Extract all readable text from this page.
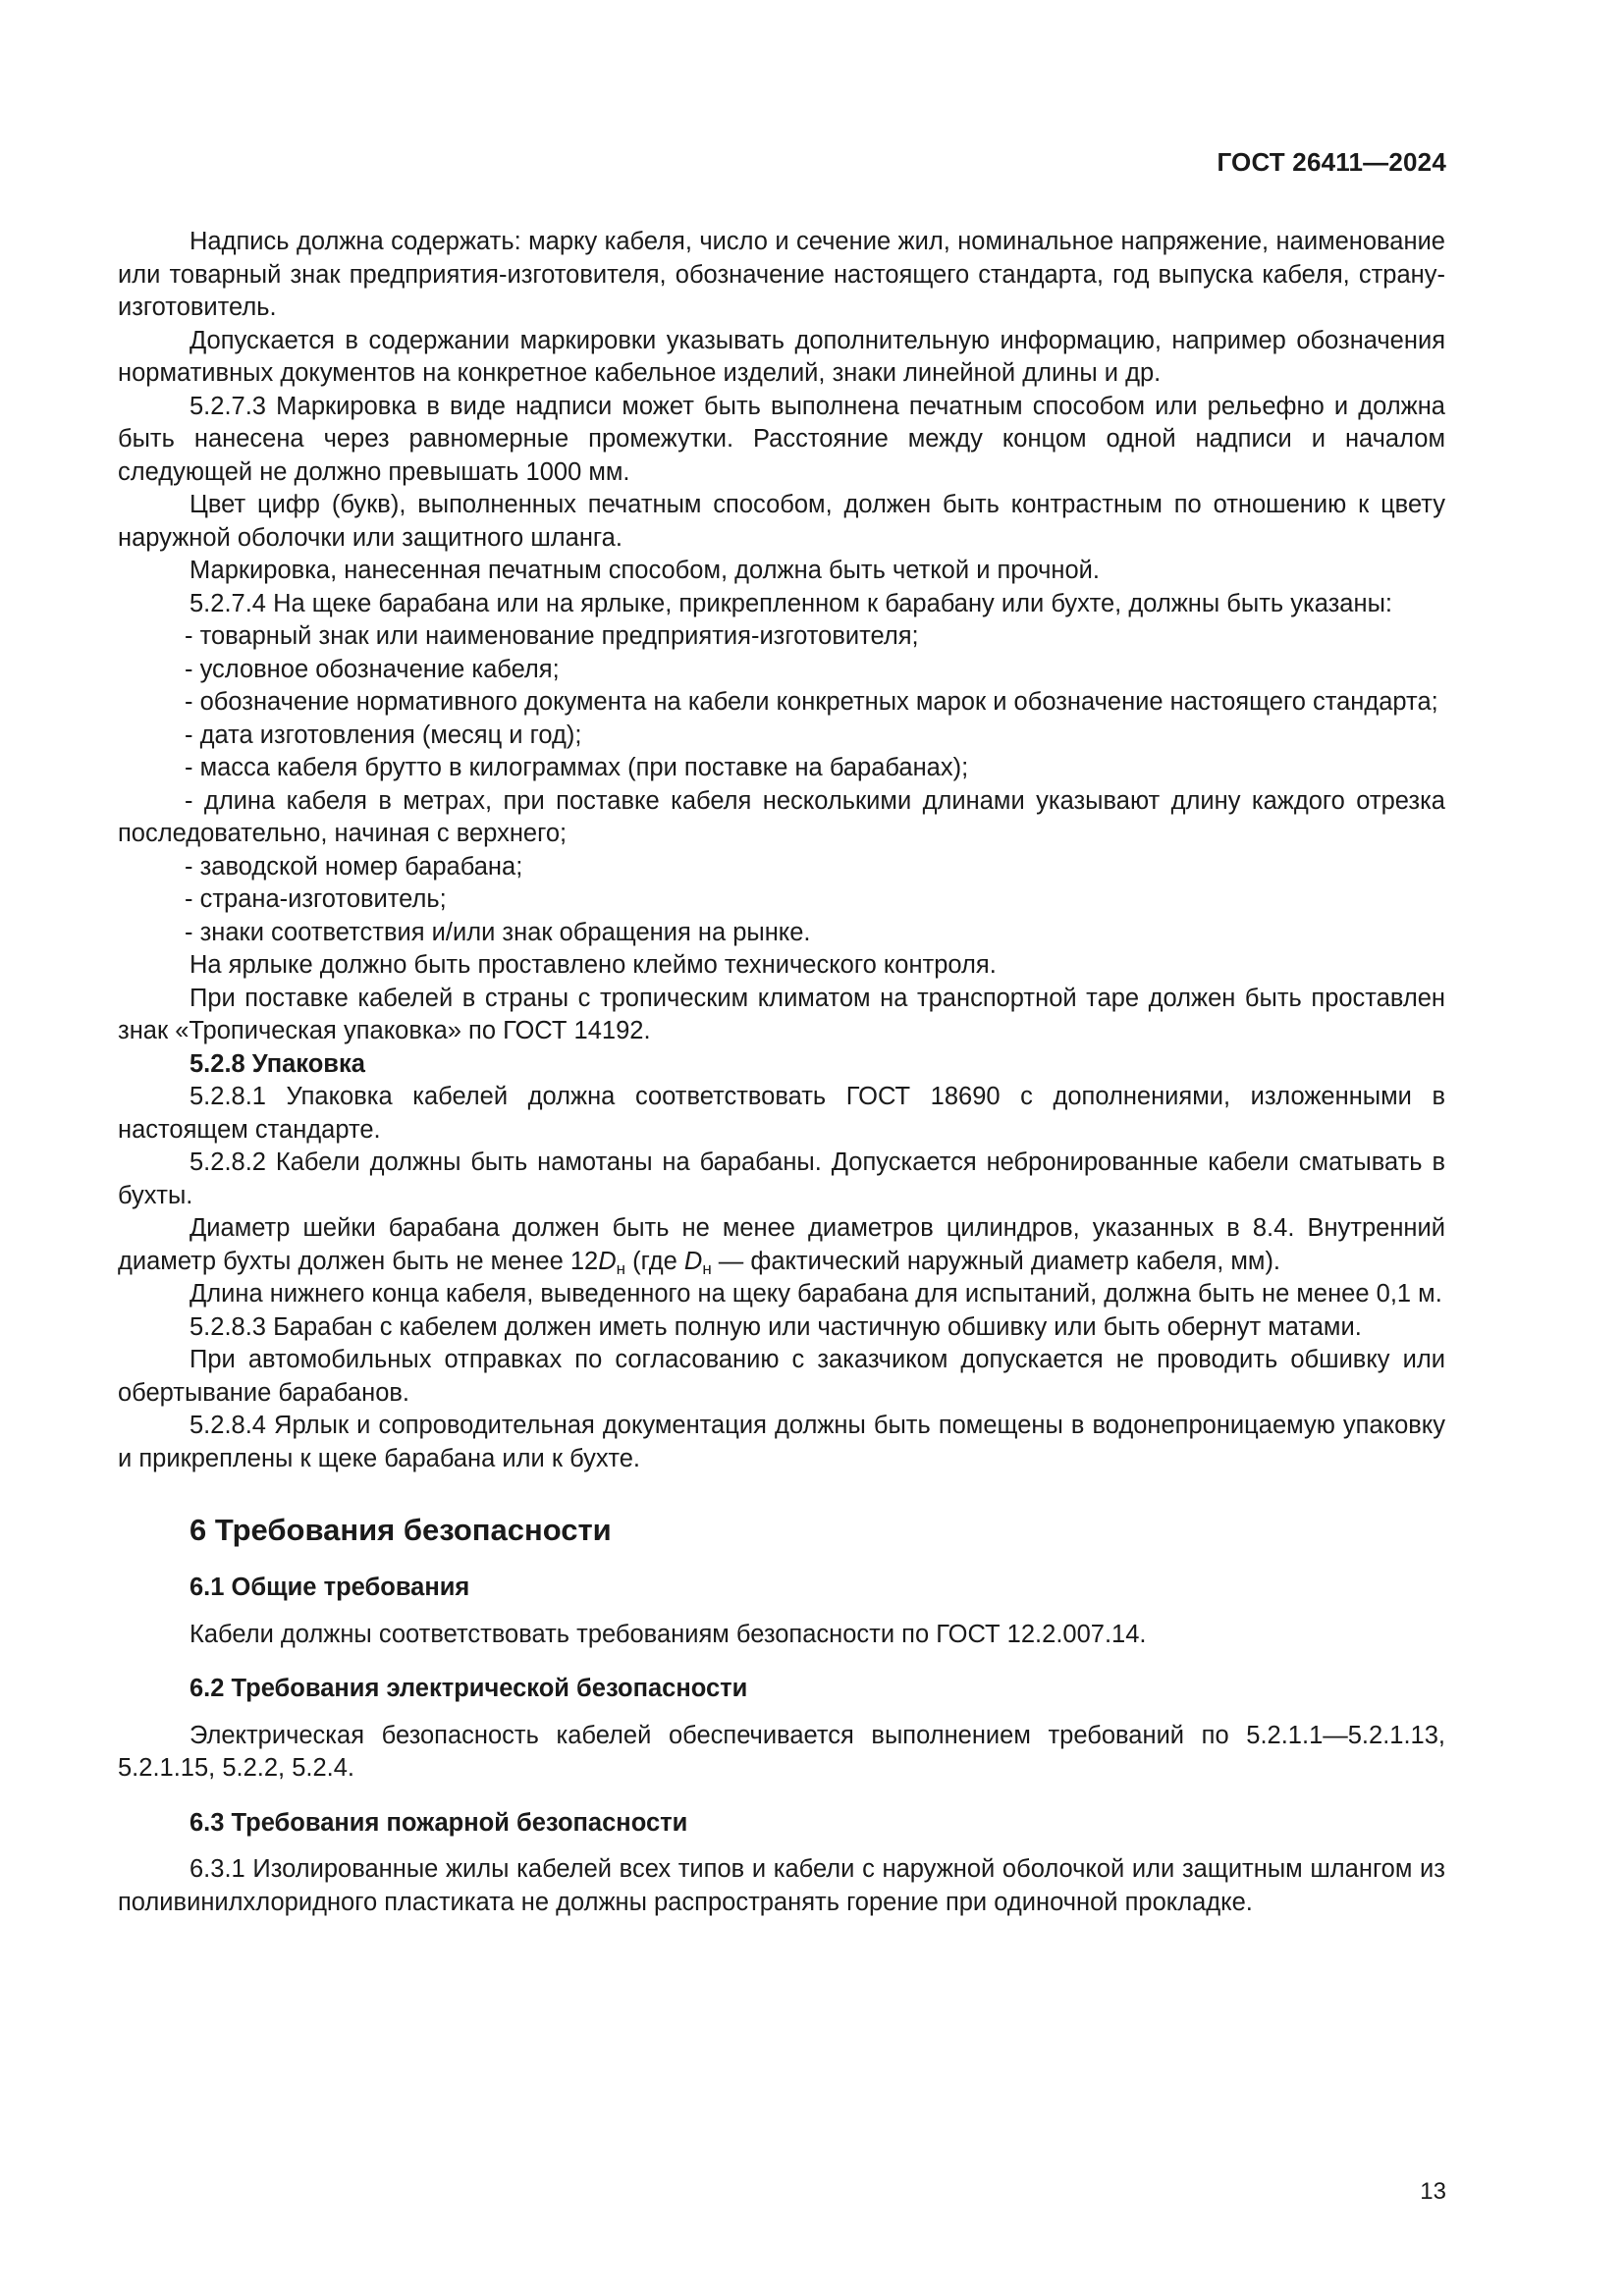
ГОСТ 26411—2024

Надпись должна содержать: марку кабеля, число и сечение жил, номинальное напряжение, наименование или товарный знак предприятия-изготовителя, обозначение настоящего стандарта, год выпуска кабеля, страну-изготовитель.

Допускается в содержании маркировки указывать дополнительную информацию, например обозначения нормативных документов на конкретное кабельное изделий, знаки линейной длины и др.

5.2.7.3 Маркировка в виде надписи может быть выполнена печатным способом или рельефно и должна быть нанесена через равномерные промежутки. Расстояние между концом одной надписи и началом следующей не должно превышать 1000 мм.

Цвет цифр (букв), выполненных печатным способом, должен быть контрастным по отношению к цвету наружной оболочки или защитного шланга.

Маркировка, нанесенная печатным способом, должна быть четкой и прочной.

5.2.7.4 На щеке барабана или на ярлыке, прикрепленном к барабану или бухте, должны быть указаны:

- товарный знак или наименование предприятия-изготовителя;

- условное обозначение кабеля;

- обозначение нормативного документа на кабели конкретных марок и обозначение настоящего стандарта;

- дата изготовления (месяц и год);

- масса кабеля брутто в килограммах (при поставке на барабанах);

- длина кабеля в метрах, при поставке кабеля несколькими длинами указывают длину каждого отрезка последовательно, начиная с верхнего;

- заводской номер барабана;

- страна-изготовитель;

- знаки соответствия и/или знак обращения на рынке.

На ярлыке должно быть проставлено клеймо технического контроля.

При поставке кабелей в страны с тропическим климатом на транспортной таре должен быть проставлен знак «Тропическая упаковка» по ГОСТ 14192.

5.2.8 Упаковка

5.2.8.1 Упаковка кабелей должна соответствовать ГОСТ 18690 с дополнениями, изложенными в настоящем стандарте.

5.2.8.2 Кабели должны быть намотаны на барабаны. Допускается небронированные кабели сматывать в бухты.

Диаметр шейки барабана должен быть не менее диаметров цилиндров, указанных в 8.4. Внутренний диаметр бухты должен быть не менее $12D_н$ (где $D_н$ — фактический наружный диаметр кабеля, мм).

Длина нижнего конца кабеля, выведенного на щеку барабана для испытаний, должна быть не менее 0,1 м.

5.2.8.3 Барабан с кабелем должен иметь полную или частичную обшивку или быть обернут матами.

При автомобильных отправках по согласованию с заказчиком допускается не проводить обшивку или обертывание барабанов.

5.2.8.4 Ярлык и сопроводительная документация должны быть помещены в водонепроницаемую упаковку и прикреплены к щеке барабана или к бухте.

6 Требования безопасности

6.1 Общие требования

Кабели должны соответствовать требованиям безопасности по ГОСТ 12.2.007.14.

6.2 Требования электрической безопасности

Электрическая безопасность кабелей обеспечивается выполнением требований по 5.2.1.1—5.2.1.13, 5.2.1.15, 5.2.2, 5.2.4.

6.3 Требования пожарной безопасности

6.3.1 Изолированные жилы кабелей всех типов и кабели с наружной оболочкой или защитным шлангом из поливинилхлоридного пластиката не должны распространять горение при одиночной прокладке.

13
